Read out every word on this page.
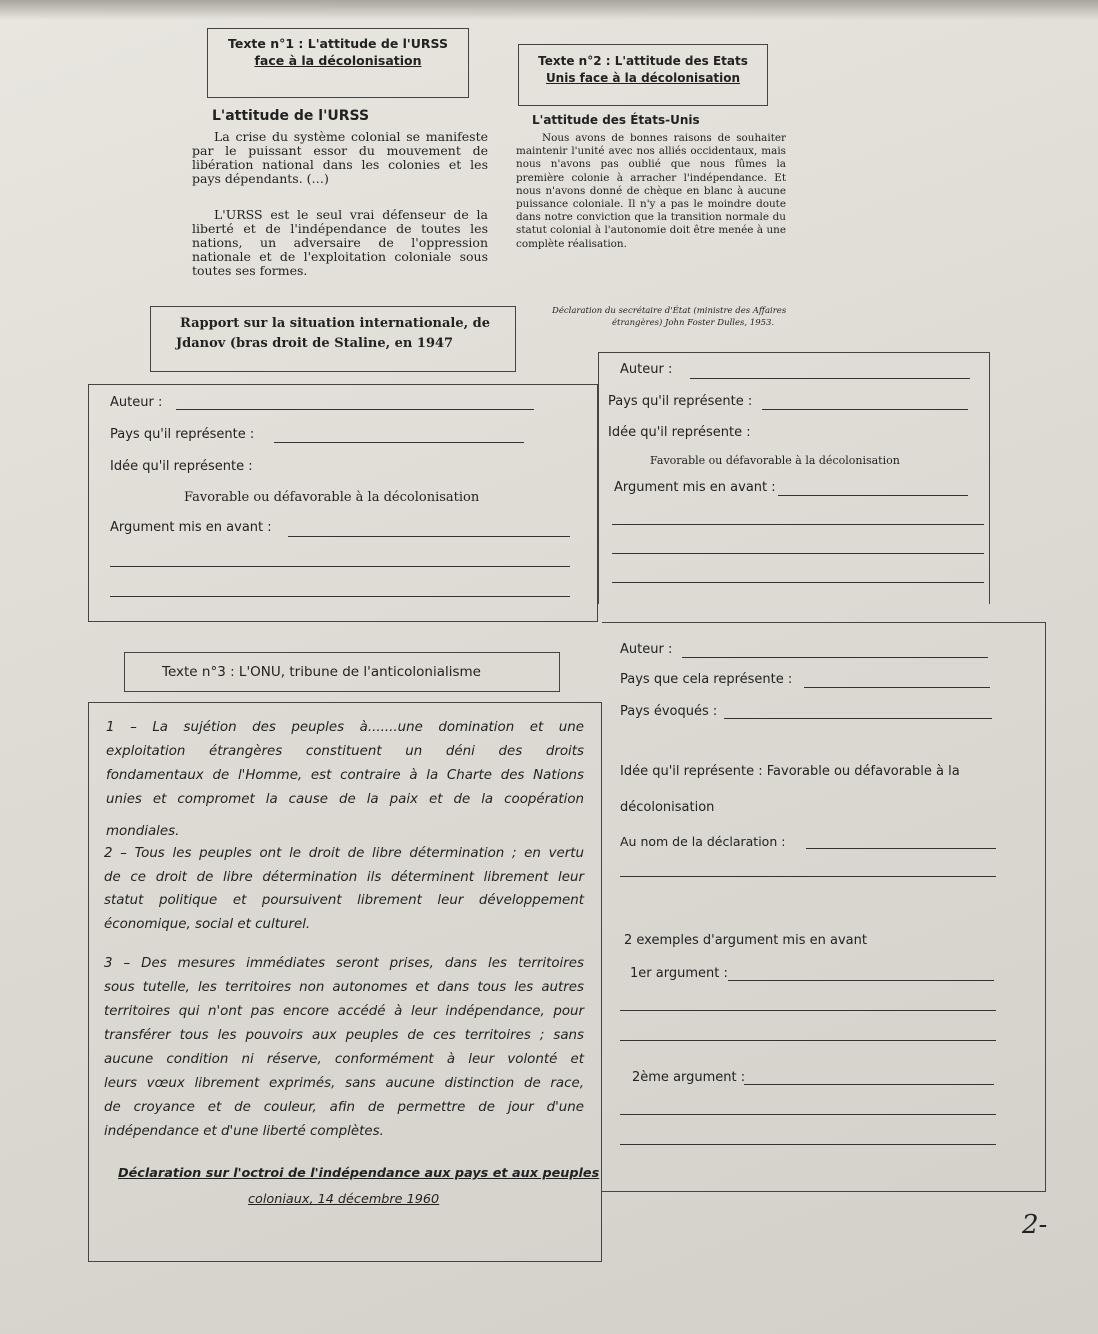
Texte n°1 : L'attitude de l'URSS
face à la décolonisation	Texte n°2 : L'attitude des Etats
Unis face à la décolonisation
L'attitude de l'URSS
La crise du système colonial se manifeste par le puissant essor du mouvement de libération national dans les colonies et les pays dépendants. (…)
L'URSS est le seul vrai défenseur de la liberté et de l'indépendance de toutes les nations, un adversaire de l'oppression nationale et de l'exploitation coloniale sous toutes ses formes.
Rapport sur la situation internationale, de
Jdanov (bras droit de Staline, en 1947
L'attitude des États-Unis
Nous avons de bonnes raisons de souhaiter maintenir l'unité avec nos alliés occidentaux, mais nous n'avons pas oublié que nous fûmes la première colonie à arracher l'indépendance. Et nous n'avons donné de chèque en blanc à aucune puissance coloniale. Il n'y a pas le moindre doute dans notre conviction que la transition normale du statut colonial à l'autonomie doit être menée à une complète réalisation.
Déclaration du secrétaire d'État (ministre des Affaires
étrangères) John Foster Dulles, 1953.
Auteur :
Pays qu'il représente :
Idée qu'il représente :
Favorable ou défavorable à la décolonisation
Argument mis en avant :
Auteur :
Pays qu'il représente :
Idée qu'il représente :
Favorable ou défavorable à la décolonisation
Argument mis en avant :
Texte n°3 : L'ONU, tribune de l'anticolonialisme
1 – La sujétion des peuples à.......une domination et une
exploitation étrangères constituent un déni des droits
fondamentaux de l'Homme, est contraire à la Charte des Nations
unies et compromet la cause de la paix et de la coopération
mondiales.
2 – Tous les peuples ont le droit de libre détermination ; en vertu
de ce droit de libre détermination ils déterminent librement leur
statut politique et poursuivent librement leur développement
économique, social et culturel.
3 – Des mesures immédiates seront prises, dans les territoires
sous tutelle, les territoires non autonomes et dans tous les autres
territoires qui n'ont pas encore accédé à leur indépendance, pour
transférer tous les pouvoirs aux peuples de ces territoires ; sans
aucune condition ni réserve, conformément à leur volonté et
leurs vœux librement exprimés, sans aucune distinction de race,
de croyance et de couleur, afin de permettre de jour d'une
indépendance et d'une liberté complètes.
Déclaration sur l'octroi de l'indépendance aux pays et aux peuples
coloniaux, 14 décembre 1960
Auteur :
Pays que cela représente :
Pays évoqués :
Idée qu'il représente : Favorable ou défavorable à la
décolonisation
Au nom de la déclaration :
2 exemples d'argument mis en avant
1er argument :
2ème argument :
2-
